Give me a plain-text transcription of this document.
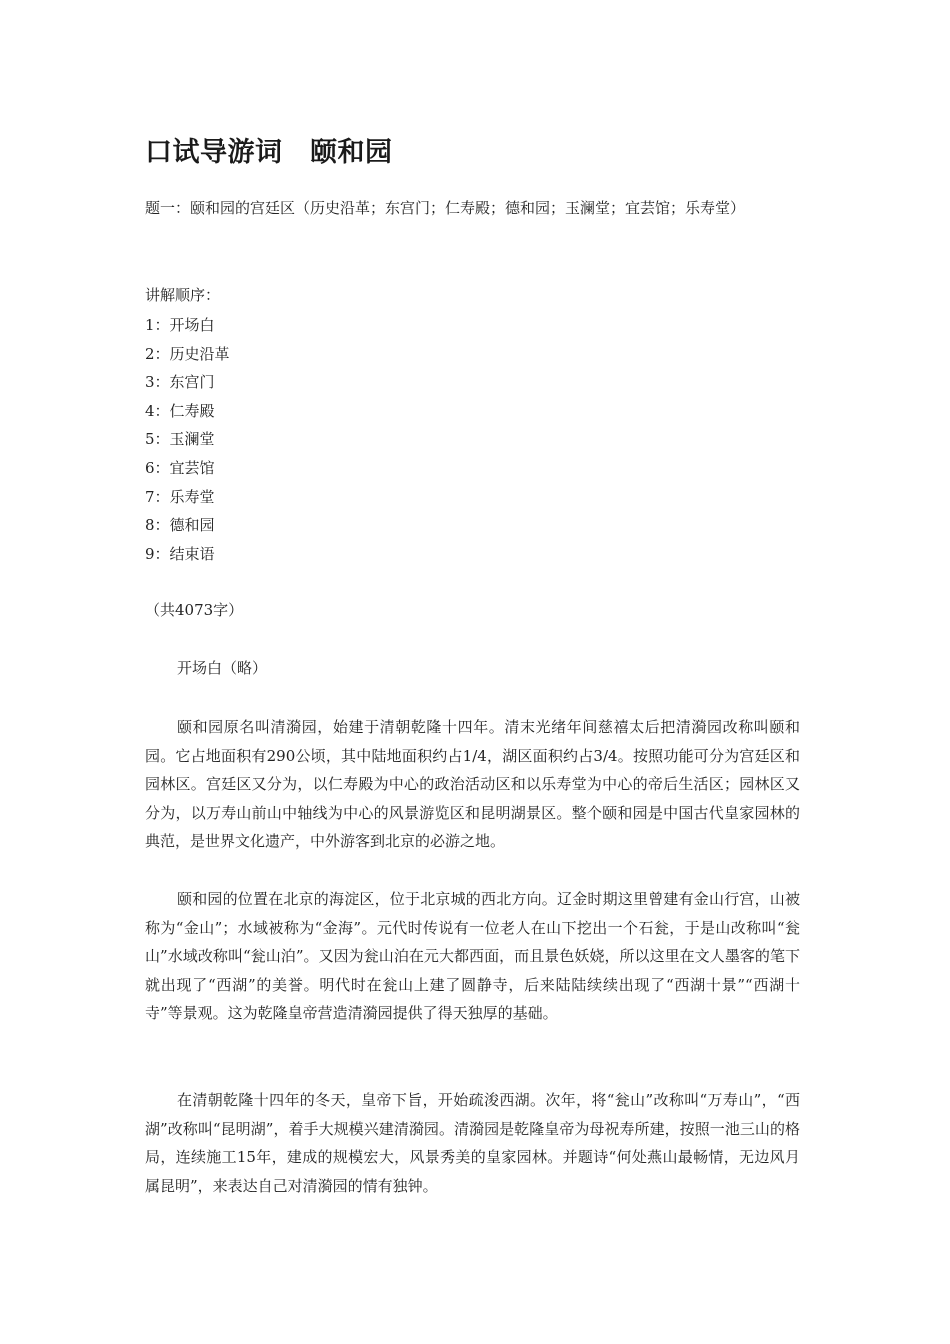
口试导游词　颐和园

题一：颐和园的宫廷区（历史沿革；东宫门；仁寿殿；德和园；玉澜堂；宜芸馆；乐寿堂）

讲解顺序：

1：开场白
2：历史沿革
3：东宫门
4：仁寿殿
5：玉澜堂
6：宜芸馆
7：乐寿堂
8：德和园
9：结束语

（共4073字）

开场白（略）

颐和园原名叫清漪园，始建于清朝乾隆十四年。清末光绪年间慈禧太后把清漪园改称叫颐和园。它占地面积有290公顷，其中陆地面积约占1/4，湖区面积约占3/4。按照功能可分为宫廷区和园林区。宫廷区又分为，以仁寿殿为中心的政治活动区和以乐寿堂为中心的帝后生活区；园林区又分为，以万寿山前山中轴线为中心的风景游览区和昆明湖景区。整个颐和园是中国古代皇家园林的典范，是世界文化遗产，中外游客到北京的必游之地。

颐和园的位置在北京的海淀区，位于北京城的西北方向。辽金时期这里曾建有金山行宫，山被称为“金山”；水域被称为“金海”。元代时传说有一位老人在山下挖出一个石瓮，于是山改称叫“瓮山”水域改称叫“瓮山泊”。又因为瓮山泊在元大都西面，而且景色妖娆，所以这里在文人墨客的笔下就出现了“西湖”的美誉。明代时在瓮山上建了圆静寺，后来陆陆续续出现了“西湖十景”“西湖十寺”等景观。这为乾隆皇帝营造清漪园提供了得天独厚的基础。

在清朝乾隆十四年的冬天，皇帝下旨，开始疏浚西湖。次年，将“瓮山”改称叫“万寿山”，“西湖”改称叫“昆明湖”，着手大规模兴建清漪园。清漪园是乾隆皇帝为母祝寿所建，按照一池三山的格局，连续施工15年，建成的规模宏大，风景秀美的皇家园林。并题诗“何处燕山最畅情，无边风月属昆明”，来表达自己对清漪园的情有独钟。
